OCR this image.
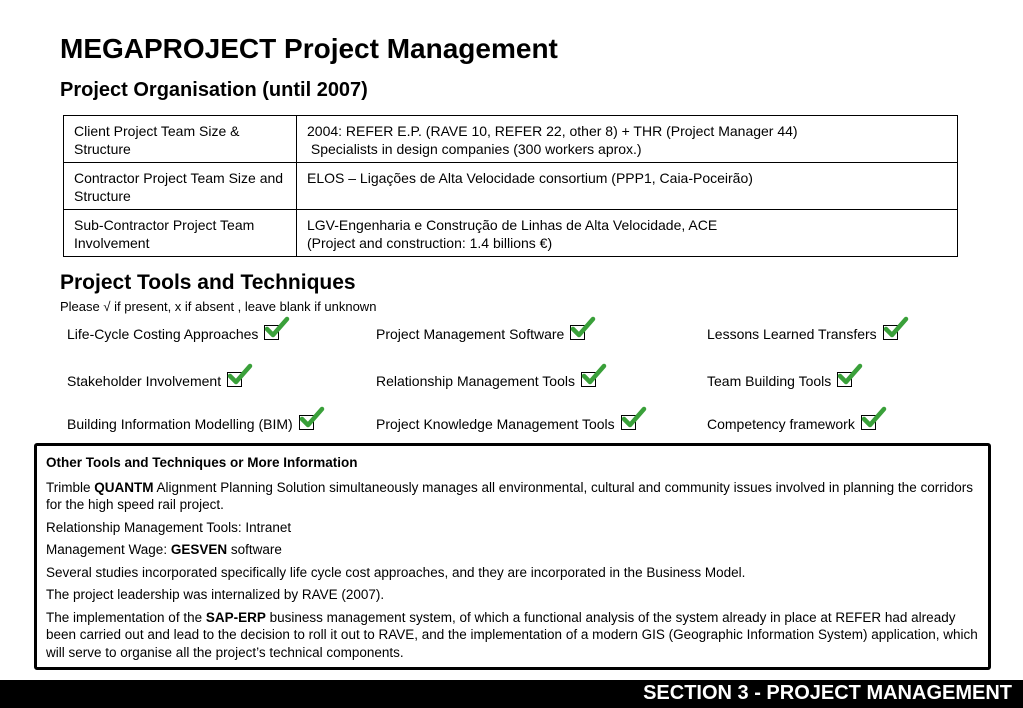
MEGAPROJECT Project Management
Project Organisation (until 2007)
Client Project Team Size & Structure	2004: REFER E.P. (RAVE 10, REFER 22, other 8) + THR (Project Manager 44)
Specialists in design companies (300 workers aprox.)

Contractor Project Team Size and Structure	ELOS – Ligações de Alta Velocidade consortium (PPP1, Caia-Poceirão)

Sub-Contractor Project Team Involvement	LGV-Engenharia e Construção de Linhas de Alta Velocidade, ACE
(Project and construction: 1.4 billions €)
Project Tools and Techniques
Please √ if present, x if absent , leave blank if unknown
Life-Cycle Costing Approaches	Project Management Software	Lessons Learned Transfers
Stakeholder Involvement	Relationship Management Tools	Team Building Tools
Building Information Modelling (BIM)	Project Knowledge Management Tools	Competency framework

Other Tools and Techniques or More Information

Trimble QUANTM Alignment Planning Solution simultaneously manages all environmental, cultural and community issues involved in planning the corridors for the high speed rail project.

Relationship Management Tools: Intranet

Management Wage: GESVEN software

Several studies incorporated specifically life cycle cost approaches, and they are incorporated in the Business Model.

The project leadership was internalized by RAVE (2007).

The implementation of the SAP-ERP business management system, of which a functional analysis of the system already in place at REFER had already been carried out and lead to the decision to roll it out to RAVE, and the implementation of a modern GIS (Geographic Information System) application, which will serve to organise all the project’s technical components.

SECTION 3 - PROJECT MANAGEMENT
